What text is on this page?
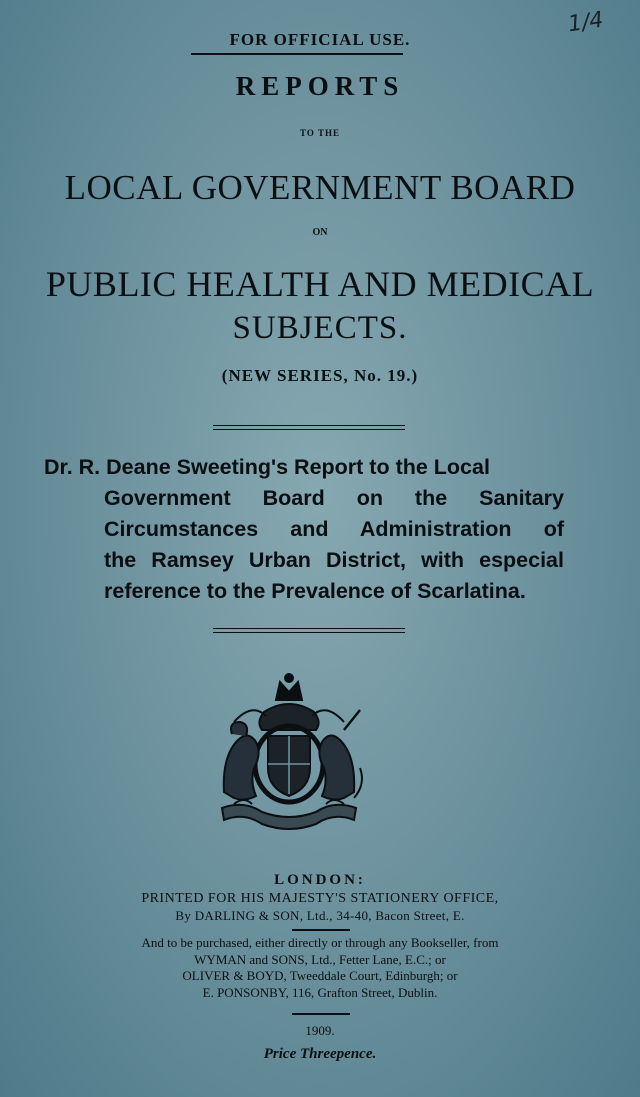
1/4
FOR OFFICIAL USE.
REPORTS
TO THE
LOCAL GOVERNMENT BOARD
ON
PUBLIC HEALTH AND MEDICAL
SUBJECTS.
(NEW SERIES, No. 19.)
Dr. R. Deane Sweeting's Report to the Local
Government Board on the Sanitary
Circumstances and Administration of
the Ramsey Urban District, with especial
reference to the Prevalence of Scarlatina.
LONDON:
PRINTED FOR HIS MAJESTY'S STATIONERY OFFICE,
By DARLING & SON, Ltd., 34-40, Bacon Street, E.
And to be purchased, either directly or through any Bookseller, from
WYMAN and SONS, Ltd., Fetter Lane, E.C.; or
OLIVER & BOYD, Tweeddale Court, Edinburgh; or
E. PONSONBY, 116, Grafton Street, Dublin.
1909.
Price Threepence.
